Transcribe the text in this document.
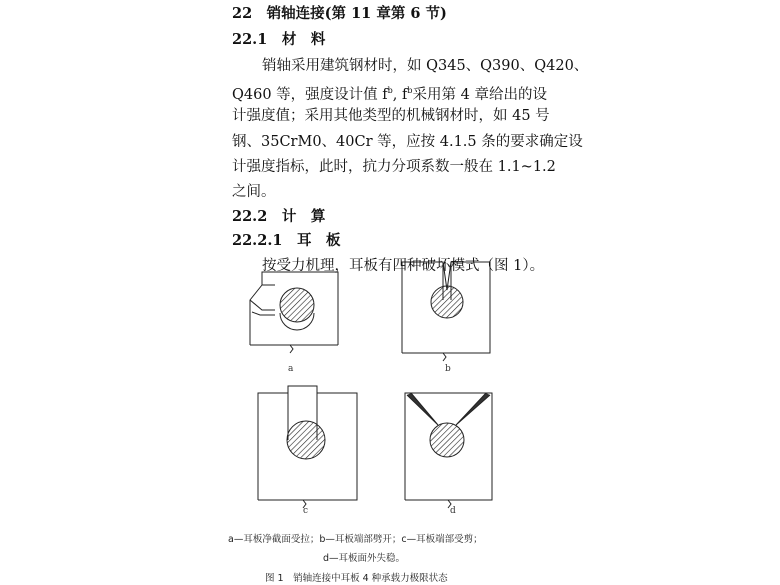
22　销轴连接(第 11 章第 6 节)
22.1　材　料
销轴采用建筑钢材时，如 Q345、Q390、Q420、
Q460 等，强度设计值 $f^b$, $f^b$采用第 4 章给出的设
计强度值；采用其他类型的机械钢材时，如 45 号
钢、35CrM0、40Cr 等，应按 4.1.5 条的要求确定设
计强度指标，此时，抗力分项系数一般在 1.1~1.2
之间。
22.2　计　算
22.2.1　耳　板
a	b
c	d
a—耳板净截面受拉；b—耳板端部劈开；c—耳板端部受剪；
d—耳板面外失稳。
图 1　销轴连接中耳板 4 种承载力极限状态
按受力机理，耳板有四种破坏模式（图 1）。
